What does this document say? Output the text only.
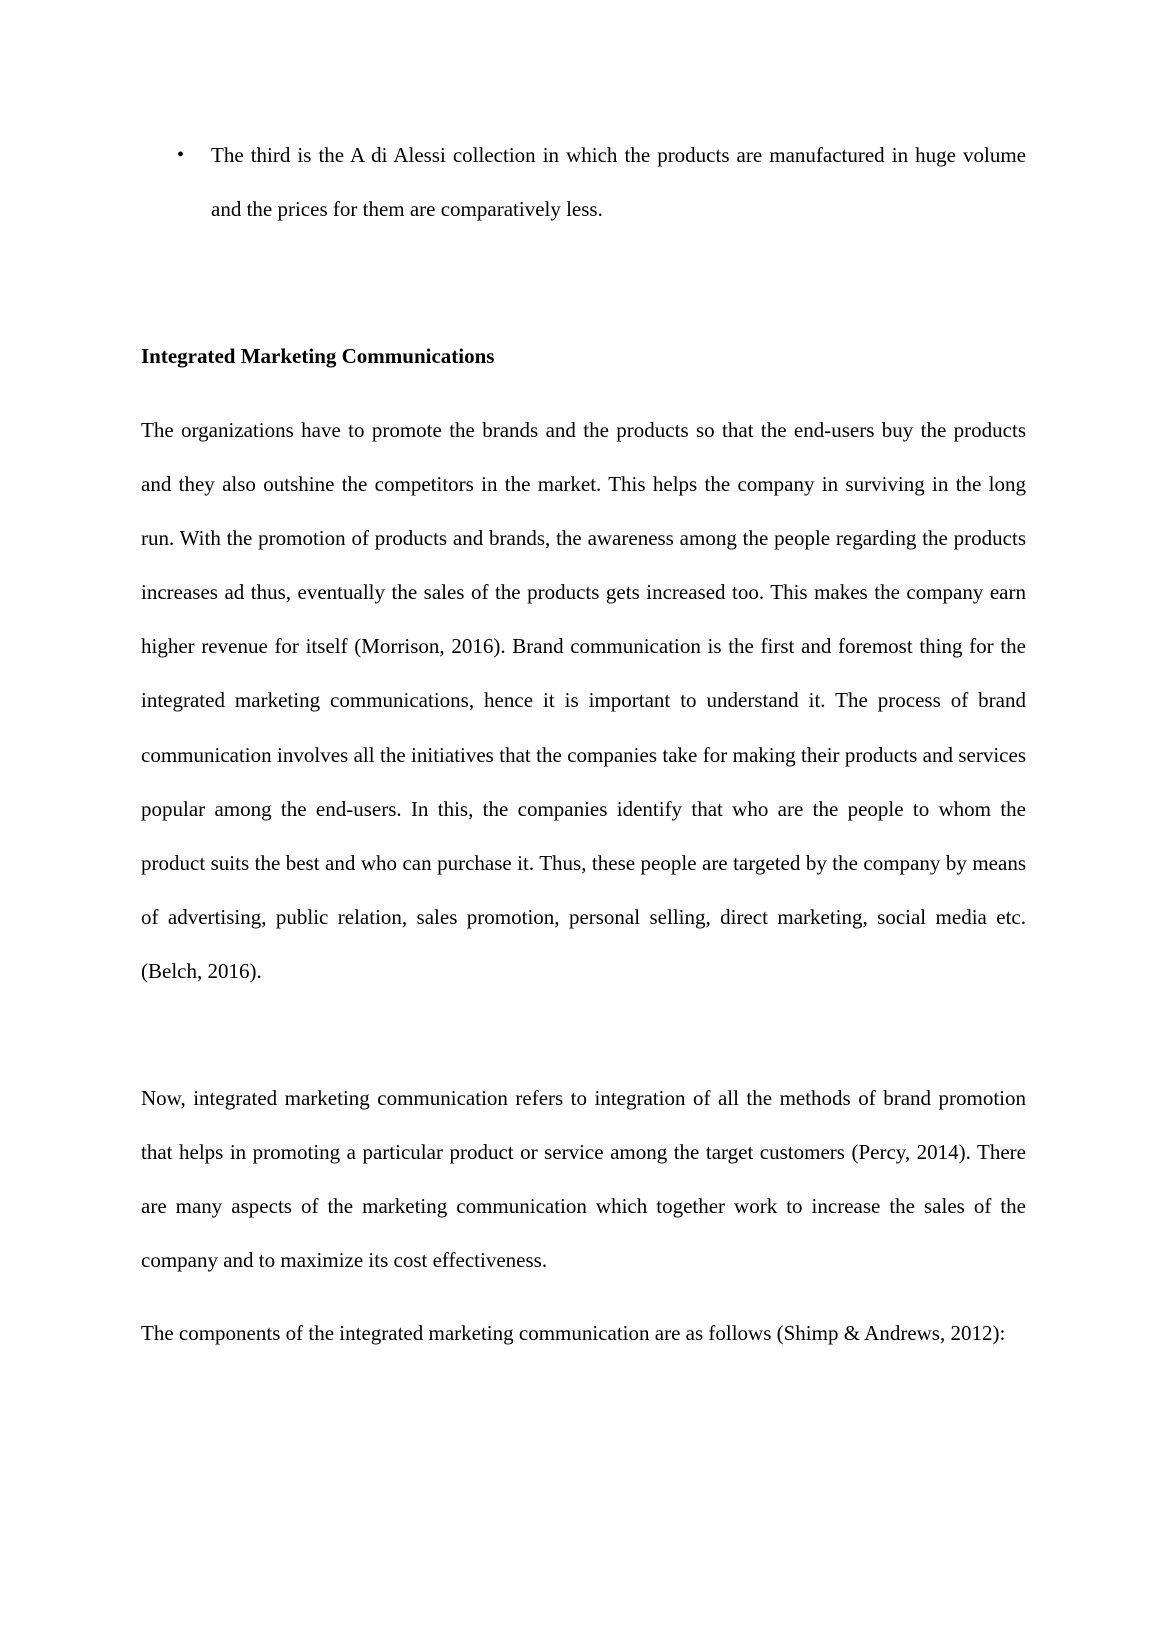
• The third is the A di Alessi collection in which the products are manufactured in huge volume and the prices for them are comparatively less.
Integrated Marketing Communications

The organizations have to promote the brands and the products so that the end-users buy the products and they also outshine the competitors in the market. This helps the company in surviving in the long run. With the promotion of products and brands, the awareness among the people regarding the products increases ad thus, eventually the sales of the products gets increased too. This makes the company earn higher revenue for itself (Morrison, 2016). Brand communication is the first and foremost thing for the integrated marketing communications, hence it is important to understand it. The process of brand communication involves all the initiatives that the companies take for making their products and services popular among the end-users. In this, the companies identify that who are the people to whom the product suits the best and who can purchase it. Thus, these people are targeted by the company by means of advertising, public relation, sales promotion, personal selling, direct marketing, social media etc. (Belch, 2016).

Now, integrated marketing communication refers to integration of all the methods of brand promotion that helps in promoting a particular product or service among the target customers (Percy, 2014). There are many aspects of the marketing communication which together work to increase the sales of the company and to maximize its cost effectiveness.

The components of the integrated marketing communication are as follows (Shimp & Andrews, 2012):
